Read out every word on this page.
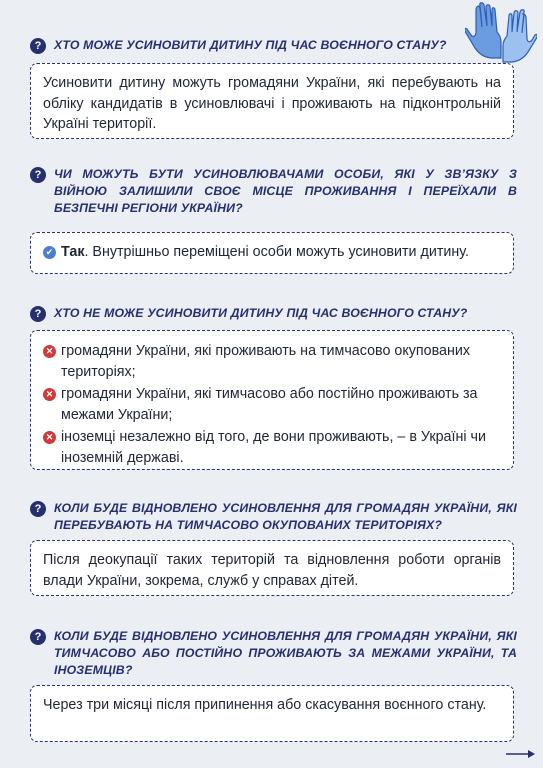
?	ХТО МОЖЕ УСИНОВИТИ ДИТИНУ ПІД ЧАС ВОЄННОГО СТАНУ?
Усиновити дитину можуть громадяни України, які перебувають на обліку кандидатів в усиновлювачі і проживають на підконтрольній Україні території.
?	ЧИ МОЖУТЬ БУТИ УСИНОВЛЮВАЧАМИ ОСОБИ, ЯКІ У ЗВ’ЯЗКУ З ВІЙНОЮ ЗАЛИШИЛИ СВОЄ МІСЦЕ ПРОЖИВАННЯ І ПЕРЕЇХАЛИ В БЕЗПЕЧНІ РЕГІОНИ УКРАЇНИ?
✔ Так. Внутрішньо переміщені особи можуть усиновити дитину.
?	ХТО НЕ МОЖЕ УСИНОВИТИ ДИТИНУ ПІД ЧАС ВОЄННОГО СТАНУ?
✕ громадяни України, які проживають на тимчасово окупованих територіях;
✕ громадяни України, які тимчасово або постійно проживають за межами України;
✕ іноземці незалежно від того, де вони проживають, – в Україні чи іноземній державі.
?	КОЛИ БУДЕ ВІДНОВЛЕНО УСИНОВЛЕННЯ ДЛЯ ГРОМАДЯН УКРАЇНИ, ЯКІ ПЕРЕБУВАЮТЬ НА ТИМЧАСОВО ОКУПОВАНИХ ТЕРИТОРІЯХ?
Після деокупації таких територій та відновлення роботи органів влади України, зокрема, служб у справах дітей.
?	КОЛИ БУДЕ ВІДНОВЛЕНО УСИНОВЛЕННЯ ДЛЯ ГРОМАДЯН УКРАЇНИ, ЯКІ ТИМЧАСОВО АБО ПОСТІЙНО ПРОЖИВАЮТЬ ЗА МЕЖАМИ УКРАЇНИ, ТА ІНОЗЕМЦІВ?
Через три місяці після припинення або скасування воєнного стану.
